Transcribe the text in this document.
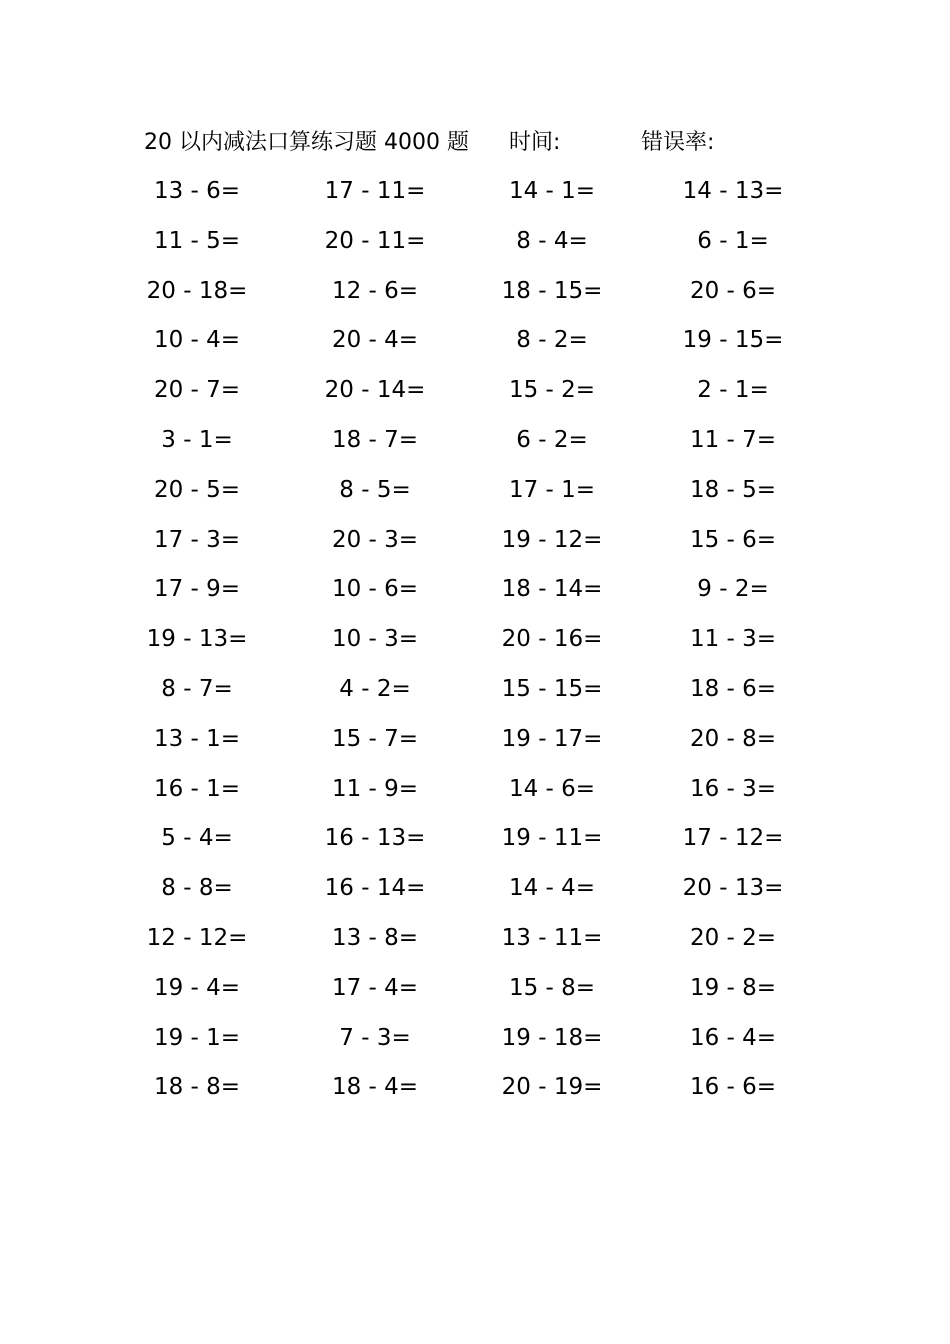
20 以内减法口算练习题 4000 题 时间:	错误率:
13 - 6=	17 - 11=	14 - 1=	14 - 13=
11 - 5=	20 - 11=	8 - 4=	6 - 1=
20 - 18=	12 - 6=	18 - 15=	20 - 6=
10 - 4=	20 - 4=	8 - 2=	19 - 15=
20 - 7=	20 - 14=	15 - 2=	2 - 1=
3 - 1=	18 - 7=	6 - 2=	11 - 7=
20 - 5=	8 - 5=	17 - 1=	18 - 5=
17 - 3=	20 - 3=	19 - 12=	15 - 6=
17 - 9=	10 - 6=	18 - 14=	9 - 2=
19 - 13=	10 - 3=	20 - 16=	11 - 3=
8 - 7=	4 - 2=	15 - 15=	18 - 6=
13 - 1=	15 - 7=	19 - 17=	20 - 8=
16 - 1=	11 - 9=	14 - 6=	16 - 3=
5 - 4=	16 - 13=	19 - 11=	17 - 12=
8 - 8=	16 - 14=	14 - 4=	20 - 13=
12 - 12=	13 - 8=	13 - 11=	20 - 2=
19 - 4=	17 - 4=	15 - 8=	19 - 8=
19 - 1=	7 - 3=	19 - 18=	16 - 4=
18 - 8=	18 - 4=	20 - 19=	16 - 6=
